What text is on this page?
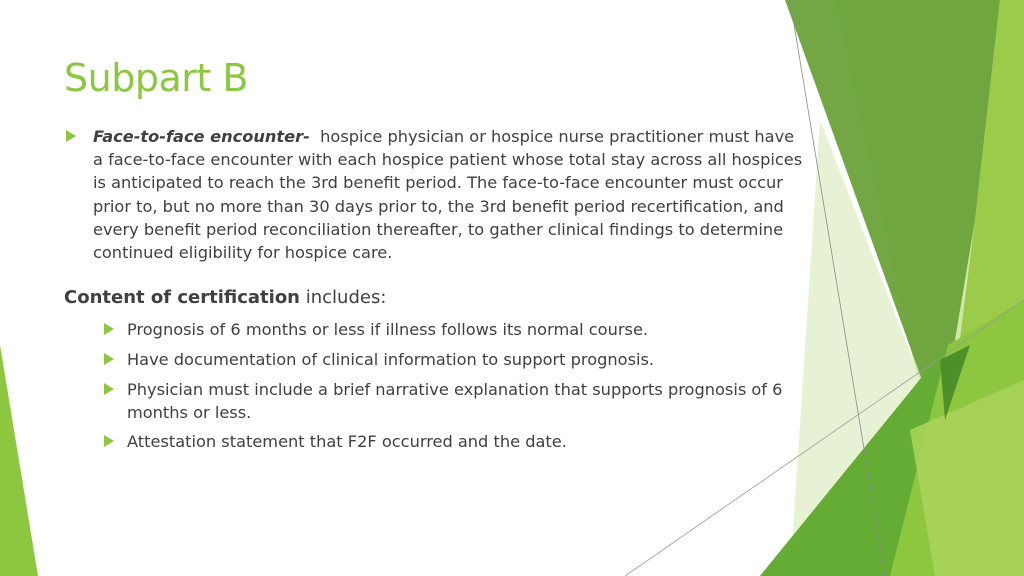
Subpart B

Face-to-face encounter- hospice physician or hospice nurse practitioner must have a face-to-face encounter with each hospice patient whose total stay across all hospices is anticipated to reach the 3rd benefit period. The face-to-face encounter must occur prior to, but no more than 30 days prior to, the 3rd benefit period recertification, and every benefit period reconciliation thereafter, to gather clinical findings to determine continued eligibility for hospice care.

Content of certification includes:
Prognosis of 6 months or less if illness follows its normal course.
Have documentation of clinical information to support prognosis.
Physician must include a brief narrative explanation that supports prognosis of 6 months or less.
Attestation statement that F2F occurred and the date.
